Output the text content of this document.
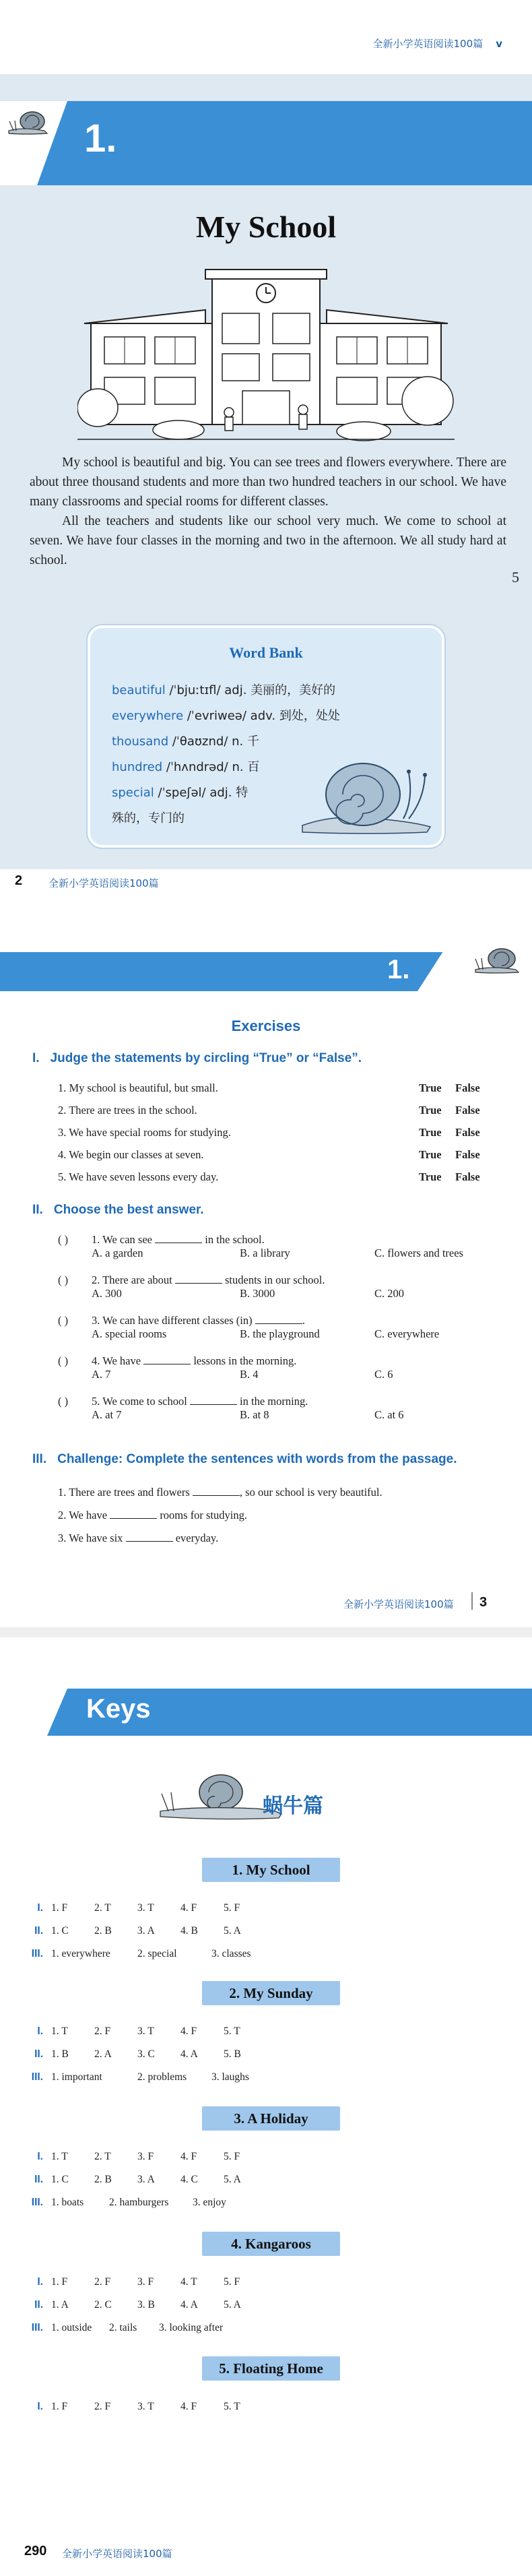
全新小学英语阅读100篇 v
1.
My School

My school is beautiful and big. You can see trees and flowers everywhere. There are about three thousand students and more than two hundred teachers in our school. We have many classrooms and special rooms for different classes.

All the teachers and students like our school very much. We come to school at seven. We have four classes in the morning and two in the afternoon. We all study hard at school.

5
Word Bank
beautiful /ˈbjuːtɪfl/ adj. 美丽的，美好的
everywhere /ˈevriweə/ adv. 到处，处处
thousand /ˈθaʊznd/ n. 千
hundred /ˈhʌndrəd/ n. 百
special /ˈspeʃəl/ adj. 特
殊的，专门的
2	全新小学英语阅读100篇
1.
Exercises
I. Judge the statements by circling “True” or “False”.
1. My school is beautiful, but small.	True False
2. There are trees in the school.	True False
3. We have special rooms for studying.	True False
4. We begin our classes at seven.	True False
5. We have seven lessons every day.	True False
II. Choose the best answer.
( ) 1. We can see	in the school.
A. a garden	B. a library	C. flowers and trees
( ) 2. There are about	students in our school.
A. 300	B. 3000	C. 200
( ) 3. We can have different classes (in)	.
A. special rooms	B. the playground	C. everywhere
( ) 4. We have	lessons in the morning.
A. 7	B. 4	C. 6
( ) 5. We come to school	in the morning.
A. at 7	B. at 8	C. at 6
III. Challenge: Complete the sentences with words from the passage.
1. There are trees and flowers	, so our school is very beautiful.
2. We have	rooms for studying.
3. We have six	everyday.
全新小学英语阅读100篇 3
Keys
蜗牛篇
1. My School
I. 1. F	2. T	3. T	4. F	5. F
II. 1. C 2. B 3. A 4. B 5. A
III. 1. everywhere	2. special	3. classes
2. My Sunday
I. 1. T	2. F	3. T	4. F	5. T
II. 1. B 2. A 3. C 4. A 5. B
III. 1. important	2. problems 3. laughs
3. A Holiday
I. 1. T	2. T	3. F	4. F	5. F
II. 1. C 2. B 3. A 4. C 5. A
III. 1. boats 2. hamburgers 3. enjoy
4. Kangaroos
I. 1. F	2. F	3. F	4. T	5. F
II. 1. A 2. C 3. B 4. A 5. A
III. 1. outside 2. tails 3. looking after
5. Floating Home
I. 1. F	2. F	3. T	4. F	5. T
290 全新小学英语阅读100篇
